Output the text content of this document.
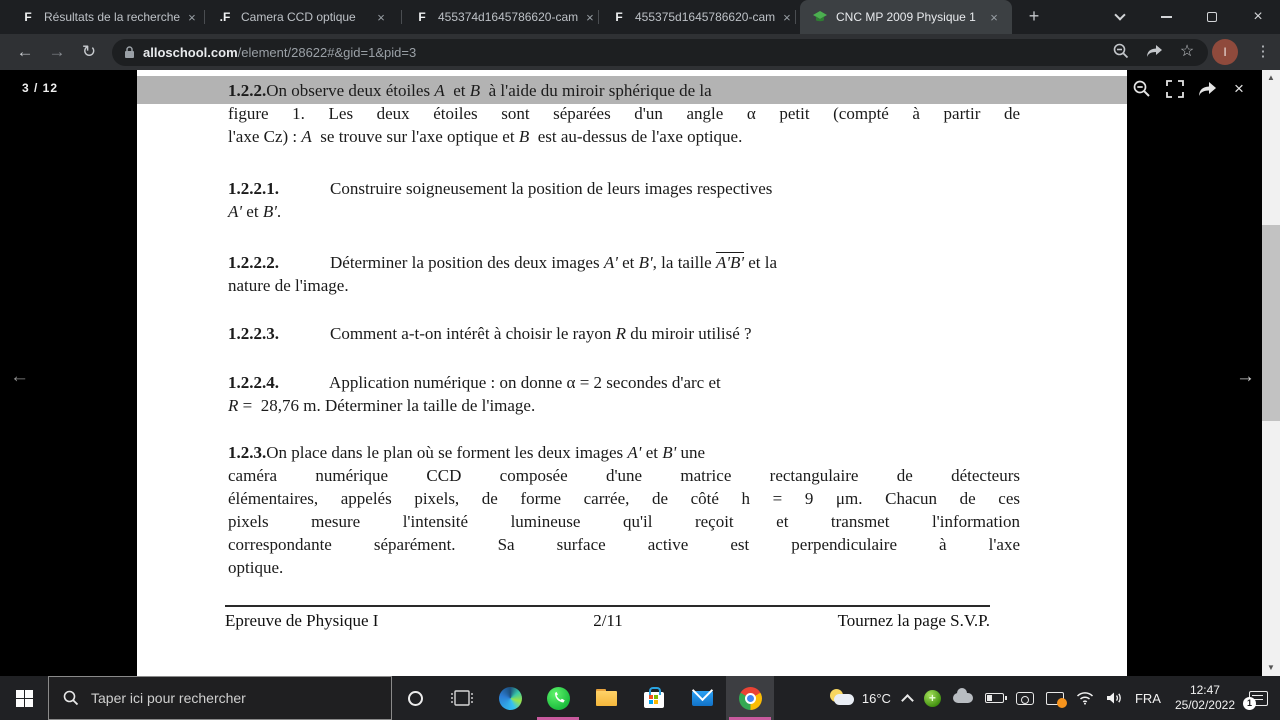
F	Résultats de la recherche × .F Camera CCD optique	×	F	455374d1645786620-cam ×	F	455375d1645786620-cam ×	CNC MP 2009 Physique 1	×	+	×
← → ↻	alloschool.com/element/28622#&gid=1&pid=3	☆	I	⋮
1.2.2.On observe deux étoiles A  et B  à l'aide du miroir sphérique de la
figure 1. Les deux étoiles sont séparées d'un angle α petit (compté à partir de
l'axe Cz) : A  se trouve sur l'axe optique et B  est au-dessus de l'axe optique.
1.2.2.1.            Construire soigneusement la position de leurs images respectives
A' et B'.
1.2.2.2.            Déterminer la position des deux images A' et B', la taille A'B' et la
nature de l'image.
1.2.2.3.            Comment a-t-on intérêt à choisir le rayon R du miroir utilisé ?
1.2.2.4.            Application numérique : on donne α = 2 secondes d'arc et
R =  28,76 m. Déterminer la taille de l'image.
1.2.3.On place dans le plan où se forment les deux images A' et B' une
caméra numérique CCD composée d'une matrice rectangulaire de détecteurs
élémentaires, appelés pixels, de forme carrée, de côté h = 9 μm. Chacun de ces
pixels mesure l'intensité lumineuse qu'il reçoit et transmet l'information
correspondante séparément. Sa surface active est perpendiculaire à l'axe
optique.
Epreuve de Physique I	2/11	Tournez la page S.V.P.
3 / 12	×
←	→
▲
▼
Taper ici pour rechercher
16°C	+	FRA
12:47
25/02/2022	1
